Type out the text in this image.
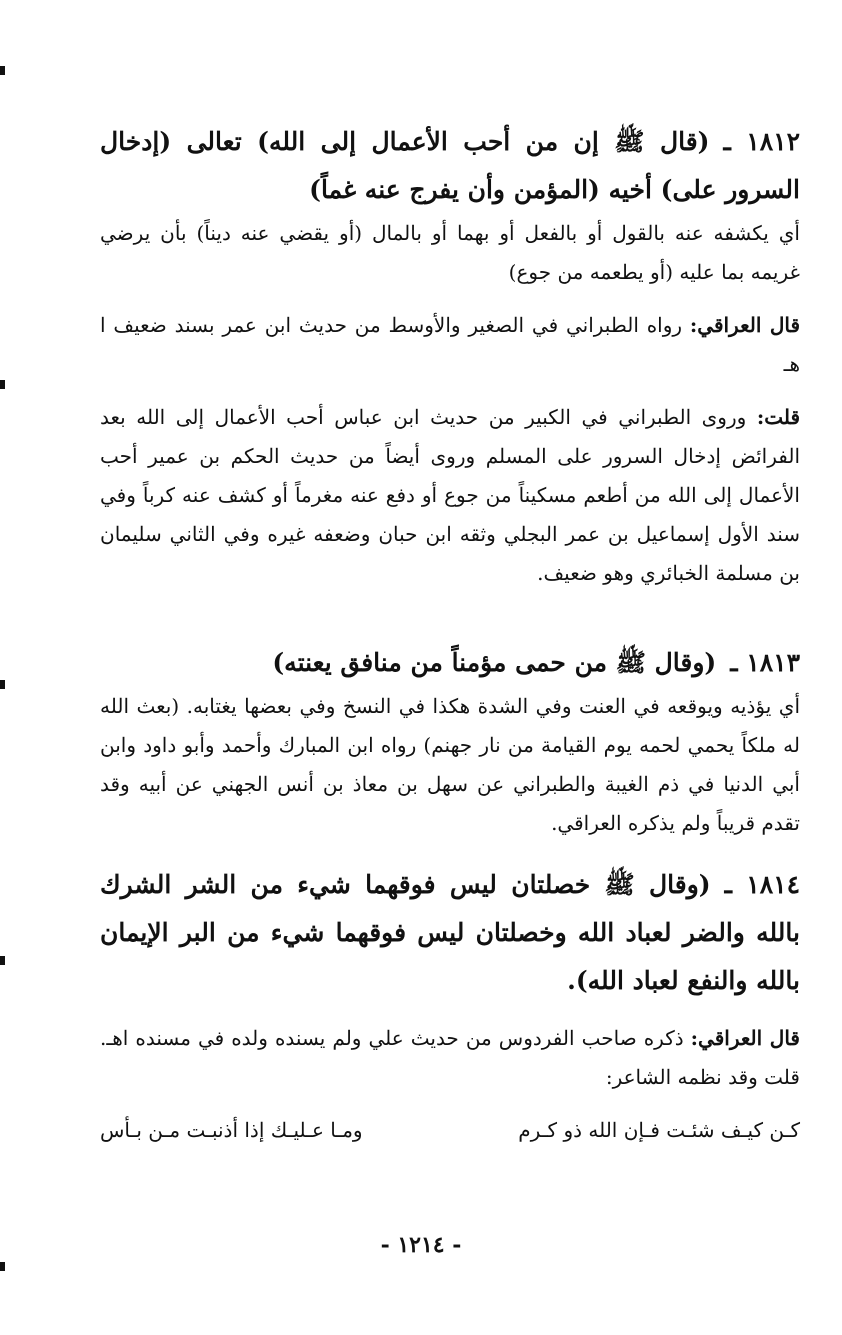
١٨١٢ ـ(قال ﷺ إن من أحب الأعمال إلى الله) تعالى (إدخال السرور على) أخيه (المؤمن وأن يفرج عنه غماً)

أي يكشفه عنه بالقول أو بالفعل أو بهما أو بالمال (أو يقضي عنه ديناً) بأن يرضي غريمه بما عليه (أو يطعمه من جوع)

قال العراقي: رواه الطبراني في الصغير والأوسط من حديث ابن عمر بسند ضعيف ا هـ

قلت: وروى الطبراني في الكبير من حديث ابن عباس أحب الأعمال إلى الله بعد الفرائض إدخال السرور على المسلم وروى أيضاً من حديث الحكم بن عمير أحب الأعمال إلى الله من أطعم مسكيناً من جوع أو دفع عنه مغرماً أو كشف عنه كرباً وفي سند الأول إسماعيل بن عمر البجلي وثقه ابن حبان وضعفه غيره وفي الثاني سليمان بن مسلمة الخبائري وهو ضعيف.

١٨١٣ ـ(وقال ﷺ من حمى مؤمناً من منافق يعنته)

أي يؤذيه ويوقعه في العنت وفي الشدة هكذا في النسخ وفي بعضها يغتابه. (بعث الله له ملكاً يحمي لحمه يوم القيامة من نار جهنم) رواه ابن المبارك وأحمد وأبو داود وابن أبي الدنيا في ذم الغيبة والطبراني عن سهل بن معاذ بن أنس الجهني عن أبيه وقد تقدم قريباً ولم يذكره العراقي.

١٨١٤ ـ(وقال ﷺ خصلتان ليس فوقهما شيء من الشر الشرك بالله والضر لعباد الله وخصلتان ليس فوقهما شيء من البر الإيمان بالله والنفع لعباد الله).

قال العراقي: ذكره صاحب الفردوس من حديث علي ولم يسنده ولده في مسنده اهـ. قلت وقد نظمه الشاعر:

كـن كيـف شئـت فـإن الله ذو كـرم
ومـا عـليـك إذا أذنبـت مـن بـأس
- ١٢١٤ -
